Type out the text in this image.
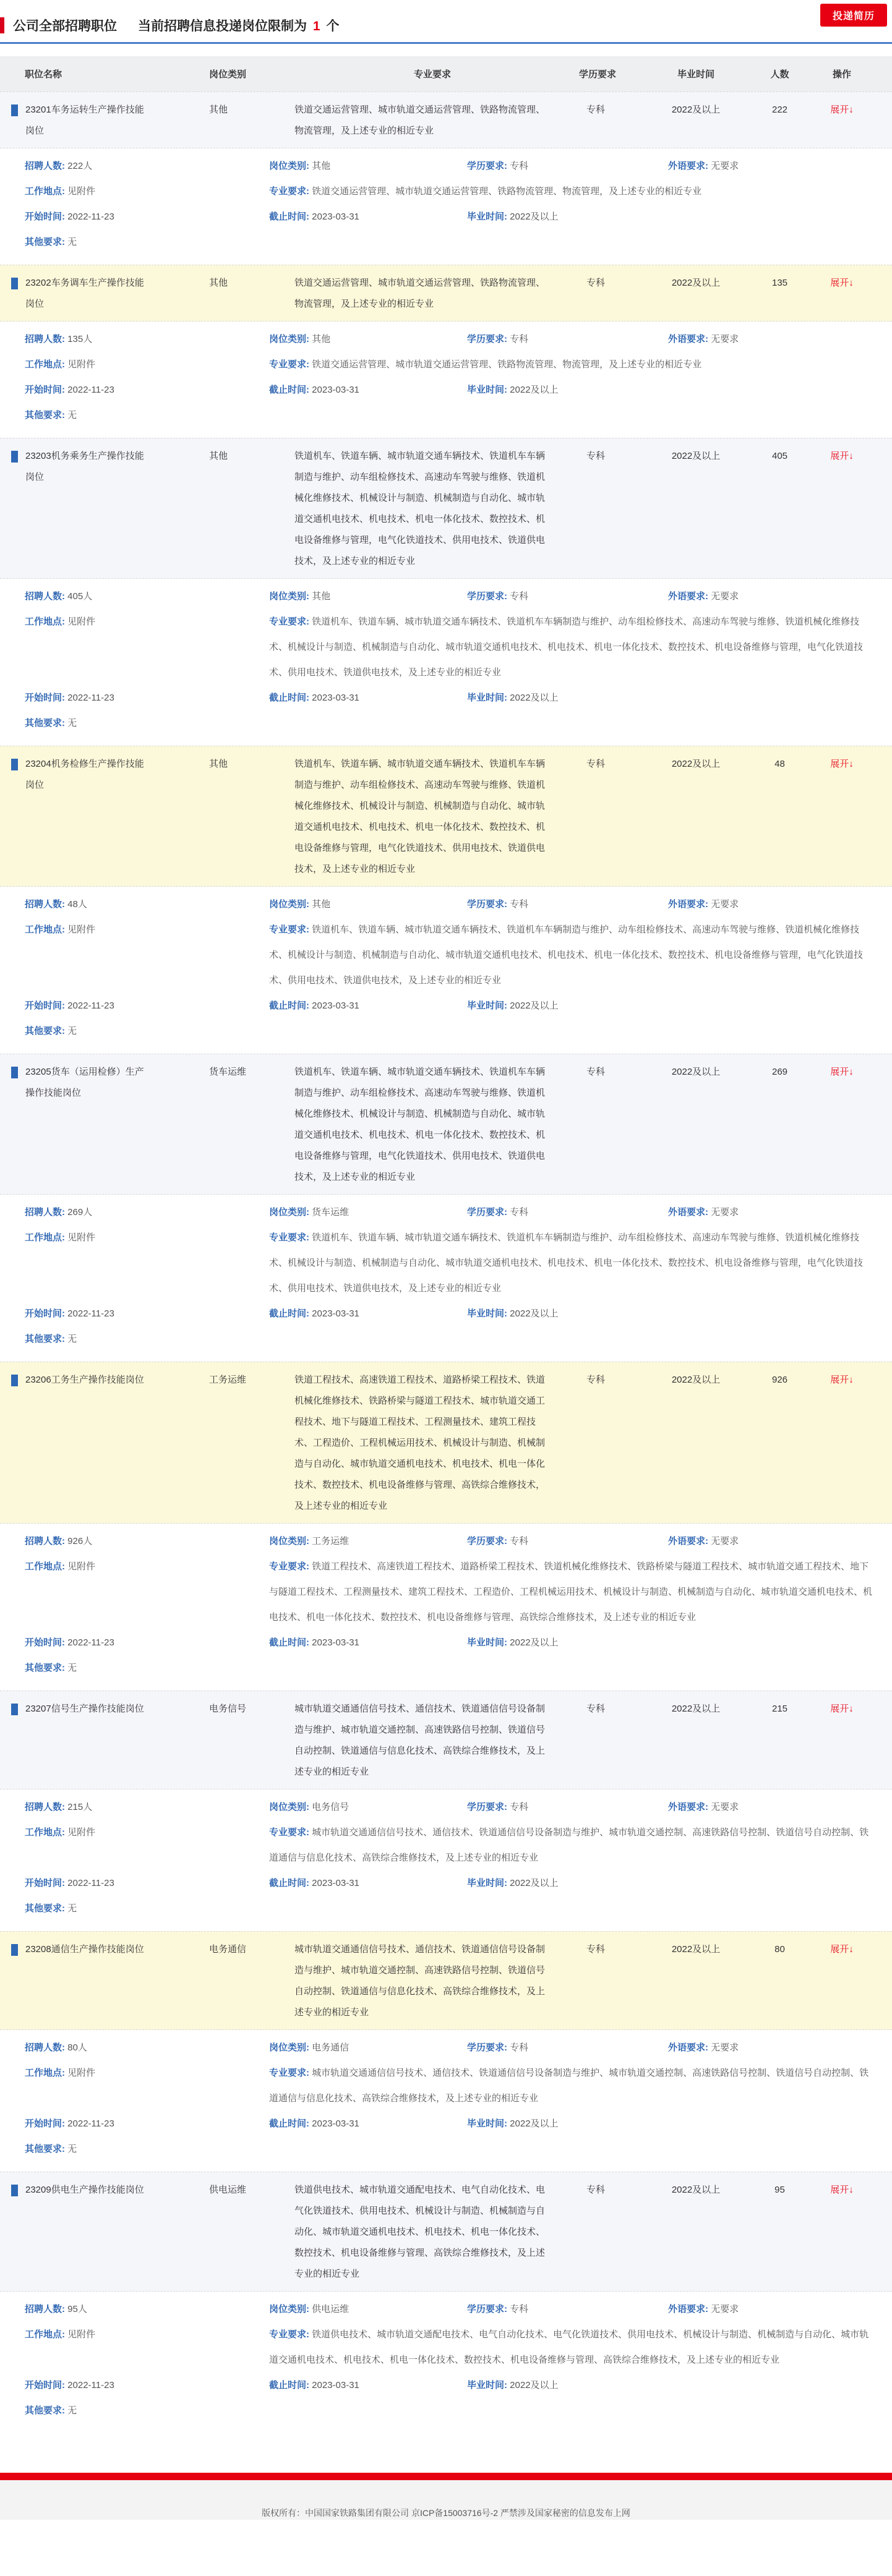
投递简历
公司全部招聘职位 当前招聘信息投递岗位限制为 1 个
职位名称	岗位类别	专业要求	学历要求	毕业时间	人数	操作
23201车务运转生产操作技能岗位
其他	铁道交通运营管理、城市轨道交通运营管理、铁路物流管理、物流管理，及上述专业的相近专业
专科	2022及以上	222	展开↓
招聘人数: 222人	岗位类别: 其他	学历要求: 专科	外语要求: 无要求
工作地点: 见附件	专业要求: 铁道交通运营管理、城市轨道交通运营管理、铁路物流管理、物流管理，及上述专业的相近专业
开始时间: 2022-11-23	截止时间: 2023-03-31	毕业时间: 2022及以上
其他要求: 无
23202车务调车生产操作技能岗位
其他	铁道交通运营管理、城市轨道交通运营管理、铁路物流管理、物流管理，及上述专业的相近专业
专科	2022及以上	135	展开↓
招聘人数: 135人	岗位类别: 其他	学历要求: 专科	外语要求: 无要求
工作地点: 见附件	专业要求: 铁道交通运营管理、城市轨道交通运营管理、铁路物流管理、物流管理，及上述专业的相近专业
开始时间: 2022-11-23	截止时间: 2023-03-31	毕业时间: 2022及以上
其他要求: 无
23203机务乘务生产操作技能岗位
其他	铁道机车、铁道车辆、城市轨道交通车辆技术、铁道机车车辆制造与维护、动车组检修技术、高速动车驾驶与维修、铁道机械化维修技术、机械设计与制造、机械制造与自动化、城市轨道交通机电技术、机电技术、机电一体化技术、数控技术、机电设备维修与管理，电气化铁道技术、供用电技术、铁道供电技术，及上述专业的相近专业
专科	2022及以上	405	展开↓
招聘人数: 405人	岗位类别: 其他	学历要求: 专科	外语要求: 无要求
工作地点: 见附件	专业要求: 铁道机车、铁道车辆、城市轨道交通车辆技术、铁道机车车辆制造与维护、动车组检修技术、高速动车驾驶与维修、铁道机械化维修技术、机械设计与制造、机械制造与自动化、城市轨道交通机电技术、机电技术、机电一体化技术、数控技术、机电设备维修与管理，电气化铁道技术、供用电技术、铁道供电技术，及上述专业的相近专业
开始时间: 2022-11-23	截止时间: 2023-03-31	毕业时间: 2022及以上
其他要求: 无
23204机务检修生产操作技能岗位
其他	铁道机车、铁道车辆、城市轨道交通车辆技术、铁道机车车辆制造与维护、动车组检修技术、高速动车驾驶与维修、铁道机械化维修技术、机械设计与制造、机械制造与自动化、城市轨道交通机电技术、机电技术、机电一体化技术、数控技术、机电设备维修与管理，电气化铁道技术、供用电技术、铁道供电技术，及上述专业的相近专业
专科	2022及以上	48	展开↓
招聘人数: 48人	岗位类别: 其他	学历要求: 专科	外语要求: 无要求
工作地点: 见附件	专业要求: 铁道机车、铁道车辆、城市轨道交通车辆技术、铁道机车车辆制造与维护、动车组检修技术、高速动车驾驶与维修、铁道机械化维修技术、机械设计与制造、机械制造与自动化、城市轨道交通机电技术、机电技术、机电一体化技术、数控技术、机电设备维修与管理，电气化铁道技术、供用电技术、铁道供电技术，及上述专业的相近专业
开始时间: 2022-11-23	截止时间: 2023-03-31	毕业时间: 2022及以上
其他要求: 无
23205货车（运用检修）生产操作技能岗位
货车运维	铁道机车、铁道车辆、城市轨道交通车辆技术、铁道机车车辆制造与维护、动车组检修技术、高速动车驾驶与维修、铁道机械化维修技术、机械设计与制造、机械制造与自动化、城市轨道交通机电技术、机电技术、机电一体化技术、数控技术、机电设备维修与管理，电气化铁道技术、供用电技术、铁道供电技术，及上述专业的相近专业
专科	2022及以上	269	展开↓
招聘人数: 269人	岗位类别: 货车运维	学历要求: 专科	外语要求: 无要求
工作地点: 见附件	专业要求: 铁道机车、铁道车辆、城市轨道交通车辆技术、铁道机车车辆制造与维护、动车组检修技术、高速动车驾驶与维修、铁道机械化维修技术、机械设计与制造、机械制造与自动化、城市轨道交通机电技术、机电技术、机电一体化技术、数控技术、机电设备维修与管理，电气化铁道技术、供用电技术、铁道供电技术，及上述专业的相近专业
开始时间: 2022-11-23	截止时间: 2023-03-31	毕业时间: 2022及以上
其他要求: 无
23206工务生产操作技能岗位	工务运维	铁道工程技术、高速铁道工程技术、道路桥梁工程技术、铁道机械化维修技术、铁路桥梁与隧道工程技术、城市轨道交通工程技术、地下与隧道工程技术、工程测量技术、建筑工程技术、工程造价、工程机械运用技术、机械设计与制造、机械制造与自动化、城市轨道交通机电技术、机电技术、机电一体化技术、数控技术、机电设备维修与管理、高铁综合维修技术，及上述专业的相近专业
专科	2022及以上	926	展开↓
招聘人数: 926人	岗位类别: 工务运维	学历要求: 专科	外语要求: 无要求
工作地点: 见附件	专业要求: 铁道工程技术、高速铁道工程技术、道路桥梁工程技术、铁道机械化维修技术、铁路桥梁与隧道工程技术、城市轨道交通工程技术、地下与隧道工程技术、工程测量技术、建筑工程技术、工程造价、工程机械运用技术、机械设计与制造、机械制造与自动化、城市轨道交通机电技术、机电技术、机电一体化技术、数控技术、机电设备维修与管理、高铁综合维修技术，及上述专业的相近专业
开始时间: 2022-11-23	截止时间: 2023-03-31	毕业时间: 2022及以上
其他要求: 无
23207信号生产操作技能岗位	电务信号	城市轨道交通通信信号技术、通信技术、铁道通信信号设备制造与维护、城市轨道交通控制、高速铁路信号控制、铁道信号自动控制、铁道通信与信息化技术、高铁综合维修技术，及上述专业的相近专业
专科	2022及以上	215	展开↓
招聘人数: 215人	岗位类别: 电务信号	学历要求: 专科	外语要求: 无要求
工作地点: 见附件	专业要求: 城市轨道交通通信信号技术、通信技术、铁道通信信号设备制造与维护、城市轨道交通控制、高速铁路信号控制、铁道信号自动控制、铁道通信与信息化技术、高铁综合维修技术，及上述专业的相近专业
开始时间: 2022-11-23	截止时间: 2023-03-31	毕业时间: 2022及以上
其他要求: 无
23208通信生产操作技能岗位	电务通信	城市轨道交通通信信号技术、通信技术、铁道通信信号设备制造与维护、城市轨道交通控制、高速铁路信号控制、铁道信号自动控制、铁道通信与信息化技术、高铁综合维修技术，及上述专业的相近专业
专科	2022及以上	80	展开↓
招聘人数: 80人	岗位类别: 电务通信	学历要求: 专科	外语要求: 无要求
工作地点: 见附件	专业要求: 城市轨道交通通信信号技术、通信技术、铁道通信信号设备制造与维护、城市轨道交通控制、高速铁路信号控制、铁道信号自动控制、铁道通信与信息化技术、高铁综合维修技术，及上述专业的相近专业
开始时间: 2022-11-23	截止时间: 2023-03-31	毕业时间: 2022及以上
其他要求: 无
23209供电生产操作技能岗位	供电运维	铁道供电技术、城市轨道交通配电技术、电气自动化技术、电气化铁道技术、供用电技术、机械设计与制造、机械制造与自动化、城市轨道交通机电技术、机电技术、机电一体化技术、数控技术、机电设备维修与管理、高铁综合维修技术，及上述专业的相近专业
专科	2022及以上	95	展开↓
招聘人数: 95人	岗位类别: 供电运维	学历要求: 专科	外语要求: 无要求
工作地点: 见附件	专业要求: 铁道供电技术、城市轨道交通配电技术、电气自动化技术、电气化铁道技术、供用电技术、机械设计与制造、机械制造与自动化、城市轨道交通机电技术、机电技术、机电一体化技术、数控技术、机电设备维修与管理、高铁综合维修技术，及上述专业的相近专业
开始时间: 2022-11-23	截止时间: 2023-03-31	毕业时间: 2022及以上
其他要求: 无
版权所有：中国国家铁路集团有限公司 京ICP备15003716号-2 严禁涉及国家秘密的信息发布上网
